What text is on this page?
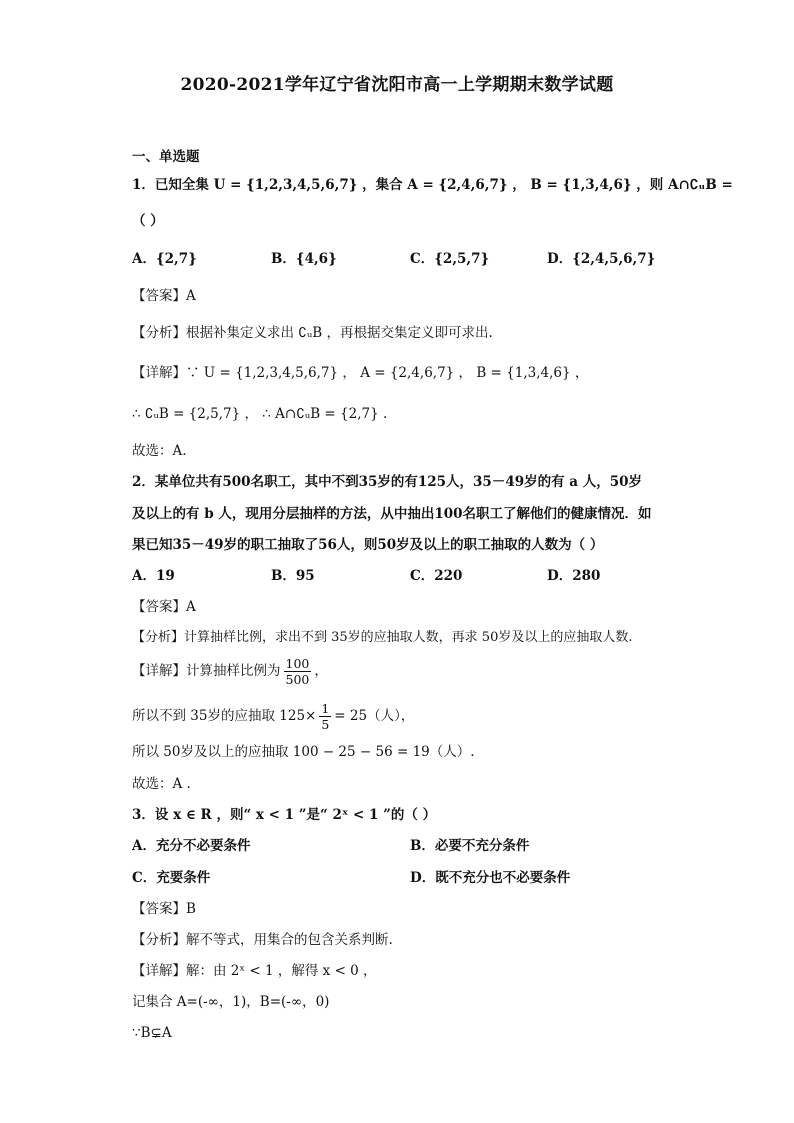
2020-2021学年辽宁省沈阳市高一上学期期末数学试题
一、单选题
1．已知全集 U = {1,2,3,4,5,6,7} ，集合 A = {2,4,6,7} ， B = {1,3,4,6} ，则 A∩∁ᵤB =
（ ）
A．{2,7}	B．{4,6}	C．{2,5,7}	D．{2,4,5,6,7}
【答案】A
【分析】根据补集定义求出 ∁ᵤB ，再根据交集定义即可求出.
【详解】∵ U = {1,2,3,4,5,6,7} ， A = {2,4,6,7} ， B = {1,3,4,6} ，
∴ ∁ᵤB = {2,5,7} ， ∴ A∩∁ᵤB = {2,7} .
故选：A.
2．某单位共有500名职工，其中不到35岁的有125人，35－49岁的有 a 人，50岁
及以上的有 b 人，现用分层抽样的方法，从中抽出100名职工了解他们的健康情况．如
果已知35－49岁的职工抽取了56人，则50岁及以上的职工抽取的人数为（ ）
A．19	B．95	C．220	D．280
【答案】A
【分析】计算抽样比例，求出不到 35岁的应抽取人数，再求 50岁及以上的应抽取人数.
【详解】计算抽样比例为 $\frac{100}{500}$ ，
所以不到 35岁的应抽取 $125\times \frac{1}{5} = 25$（人），
所以 50岁及以上的应抽取 100 − 25 − 56 = 19（人）.
故选：A .
3．设 x ∈ R ，则“ x < 1 ”是“ 2ˣ < 1 ”的（ ）
A．充分不必要条件	B．必要不充分条件
C．充要条件	D．既不充分也不必要条件
【答案】B
【分析】解不等式，用集合的包含关系判断.
【详解】解：由 2ˣ < 1 ，解得 x < 0 ，
记集合 A=(-∞，1)，B=(-∞，0)
∵B⊊A
